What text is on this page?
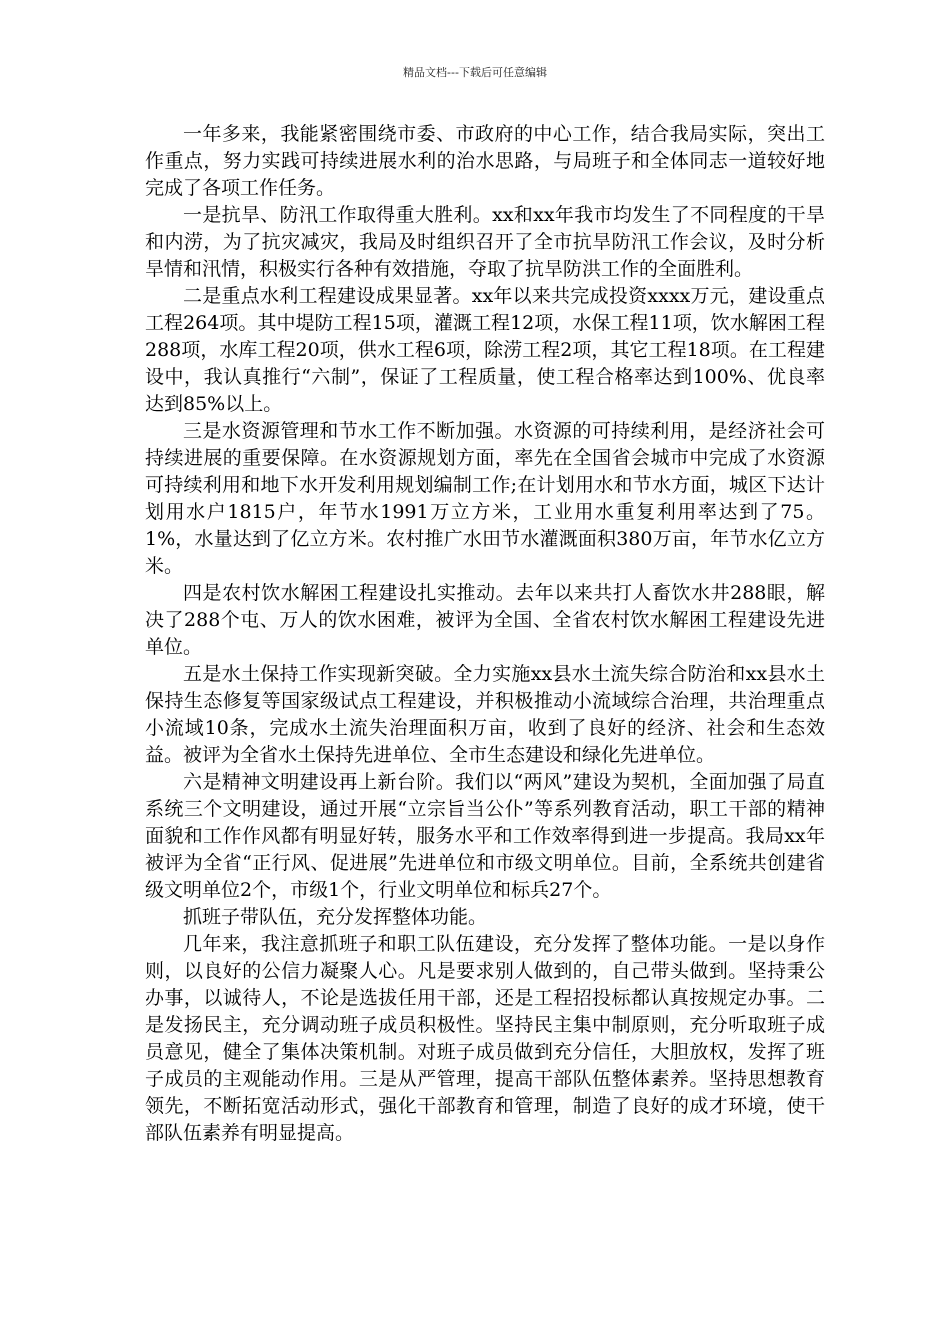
精品文档---下载后可任意编辑

一年多来，我能紧密围绕市委、市政府的中心工作，结合我局实际，突出工作重点，努力实践可持续进展水利的治水思路，与局班子和全体同志一道较好地完成了各项工作任务。

一是抗旱、防汛工作取得重大胜利。xx和xx年我市均发生了不同程度的干旱和内涝，为了抗灾减灾，我局及时组织召开了全市抗旱防汛工作会议，及时分析旱情和汛情，积极实行各种有效措施，夺取了抗旱防洪工作的全面胜利。

二是重点水利工程建设成果显著。xx年以来共完成投资xxxx万元，建设重点工程264项。其中堤防工程15项，灌溉工程12项，水保工程11项，饮水解困工程288项，水库工程20项，供水工程6项，除涝工程2项，其它工程18项。在工程建设中，我认真推行“六制”，保证了工程质量，使工程合格率达到100%、优良率达到85%以上。

三是水资源管理和节水工作不断加强。水资源的可持续利用，是经济社会可持续进展的重要保障。在水资源规划方面，率先在全国省会城市中完成了水资源可持续利用和地下水开发利用规划编制工作;在计划用水和节水方面，城区下达计划用水户1815户，年节水1991万立方米，工业用水重复利用率达到了75。1%，水量达到了亿立方米。农村推广水田节水灌溉面积380万亩，年节水亿立方米。

四是农村饮水解困工程建设扎实推动。去年以来共打人畜饮水井288眼，解决了288个屯、万人的饮水困难，被评为全国、全省农村饮水解困工程建设先进单位。

五是水土保持工作实现新突破。全力实施xx县水土流失综合防治和xx县水土保持生态修复等国家级试点工程建设，并积极推动小流域综合治理，共治理重点小流域10条，完成水土流失治理面积万亩，收到了良好的经济、社会和生态效益。被评为全省水土保持先进单位、全市生态建设和绿化先进单位。

六是精神文明建设再上新台阶。我们以“两风”建设为契机，全面加强了局直系统三个文明建设，通过开展“立宗旨当公仆”等系列教育活动，职工干部的精神面貌和工作作风都有明显好转，服务水平和工作效率得到进一步提高。我局xx年被评为全省“正行风、促进展”先进单位和市级文明单位。目前，全系统共创建省级文明单位2个，市级1个，行业文明单位和标兵27个。

抓班子带队伍，充分发挥整体功能。

几年来，我注意抓班子和职工队伍建设，充分发挥了整体功能。一是以身作则，以良好的公信力凝聚人心。凡是要求别人做到的，自己带头做到。坚持秉公办事，以诚待人，不论是选拔任用干部，还是工程招投标都认真按规定办事。二是发扬民主，充分调动班子成员积极性。坚持民主集中制原则，充分听取班子成员意见，健全了集体决策机制。对班子成员做到充分信任，大胆放权，发挥了班子成员的主观能动作用。三是从严管理，提高干部队伍整体素养。坚持思想教育领先，不断拓宽活动形式，强化干部教育和管理，制造了良好的成才环境，使干部队伍素养有明显提高。
